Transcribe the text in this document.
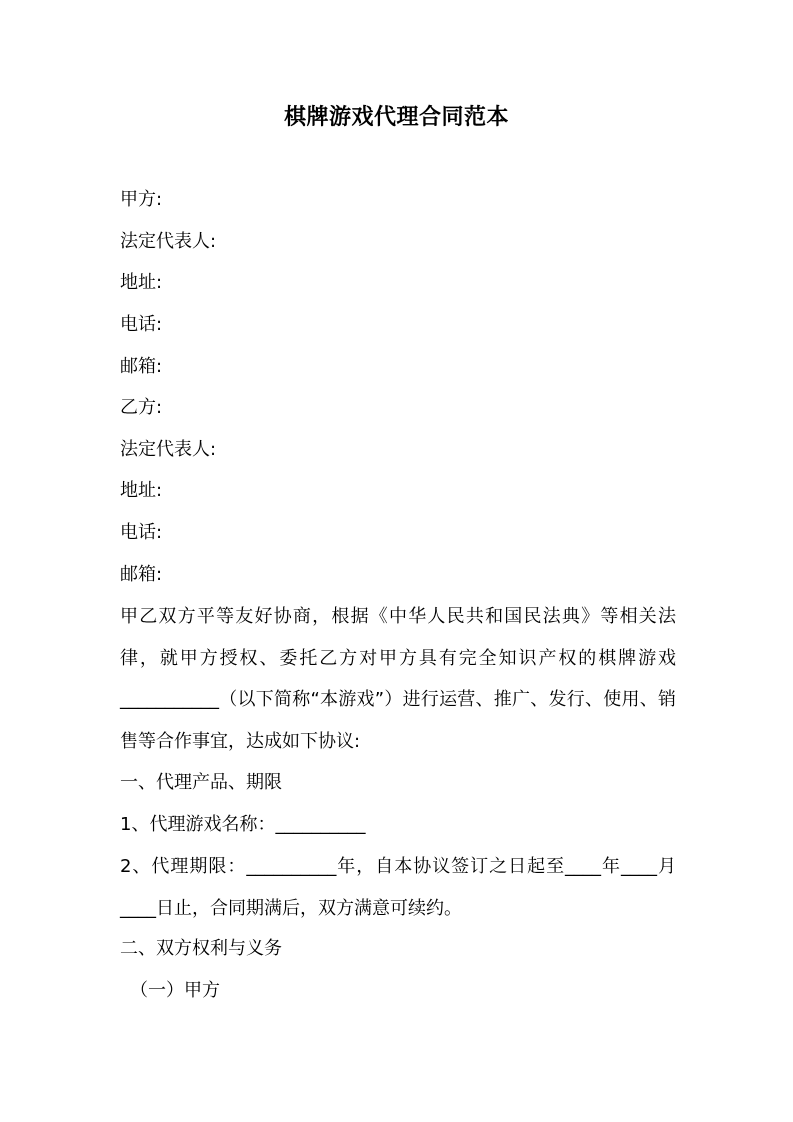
棋牌游戏代理合同范本
甲方:
法定代表人:
地址:
电话:
邮箱:
乙方:
法定代表人:
地址:
电话:
邮箱:
甲乙双方平等友好协商，根据《中华人民共和国民法典》等相关法律，就甲方授权、委托乙方对甲方具有完全知识产权的棋牌游戏___________（以下简称“本游戏”）进行运营、推广、发行、使用、销售等合作事宜，达成如下协议:
一、代理产品、期限
1、代理游戏名称：__________
2、代理期限：__________年，自本协议签订之日起至____年____月____日止，合同期满后，双方满意可续约。
二、双方权利与义务
（一）甲方
